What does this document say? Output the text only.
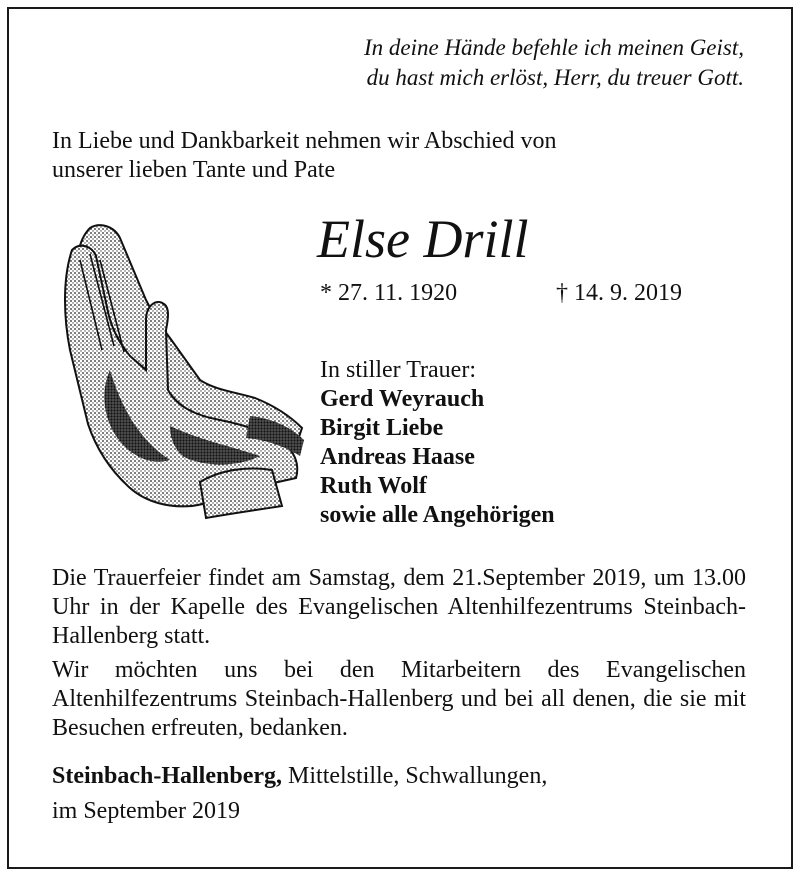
In deine Hände befehle ich meinen Geist,
du hast mich erlöst, Herr, du treuer Gott.
In Liebe und Dankbarkeit nehmen wir Abschied von
unserer lieben Tante und Pate
Else Drill
* 27. 11. 1920	† 14. 9. 2019
In stiller Trauer:
Gerd Weyrauch
Birgit Liebe
Andreas Haase
Ruth Wolf
sowie alle Angehörigen
Die Trauerfeier findet am Samstag, dem 21.September 2019, um 13.00 Uhr in der Kapelle des Evangelischen Altenhilfezentrums Steinbach-Hallenberg statt.
Wir möchten uns bei den Mitarbeitern des Evangelischen Altenhilfezentrums Steinbach-Hallenberg und bei all denen, die sie mit Besuchen erfreuten, bedanken.
Steinbach-Hallenberg, Mittelstille, Schwallungen,
im September 2019
